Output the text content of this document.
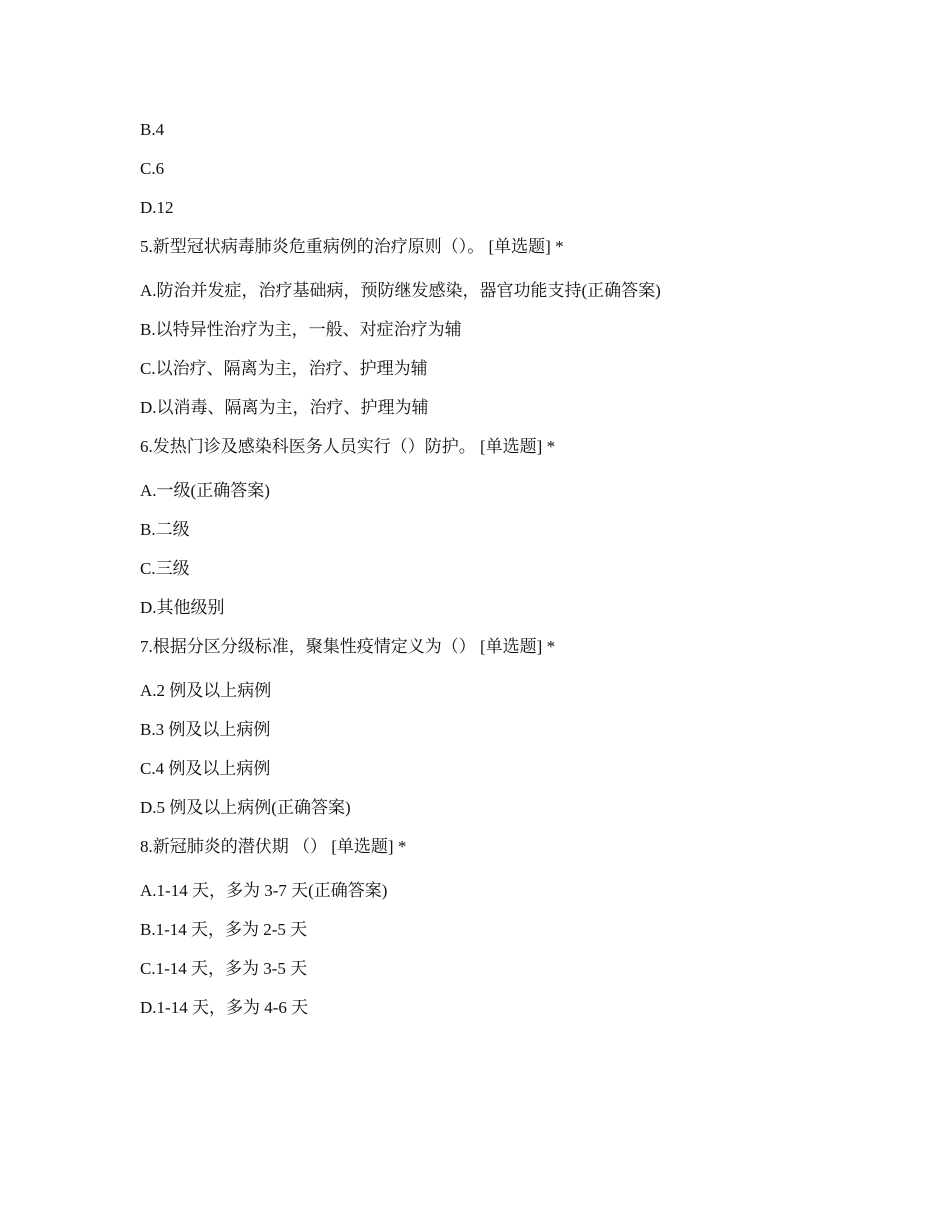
B.4
C.6
D.12
5.新型冠状病毒肺炎危重病例的治疗原则（）。 [单选题] *
A.防治并发症，治疗基础病，预防继发感染，器官功能支持(正确答案)
B.以特异性治疗为主，一般、对症治疗为辅
C.以治疗、隔离为主，治疗、护理为辅
D.以消毒、隔离为主，治疗、护理为辅
6.发热门诊及感染科医务人员实行（）防护。 [单选题] *
A.一级(正确答案)
B.二级
C.三级
D.其他级别
7.根据分区分级标准，聚集性疫情定义为（） [单选题] *
A.2 例及以上病例
B.3 例及以上病例
C.4 例及以上病例
D.5 例及以上病例(正确答案)
8.新冠肺炎的潜伏期 （） [单选题] *
A.1-14 天，多为 3-7 天(正确答案)
B.1-14 天，多为 2-5 天
C.1-14 天，多为 3-5 天
D.1-14 天，多为 4-6 天
